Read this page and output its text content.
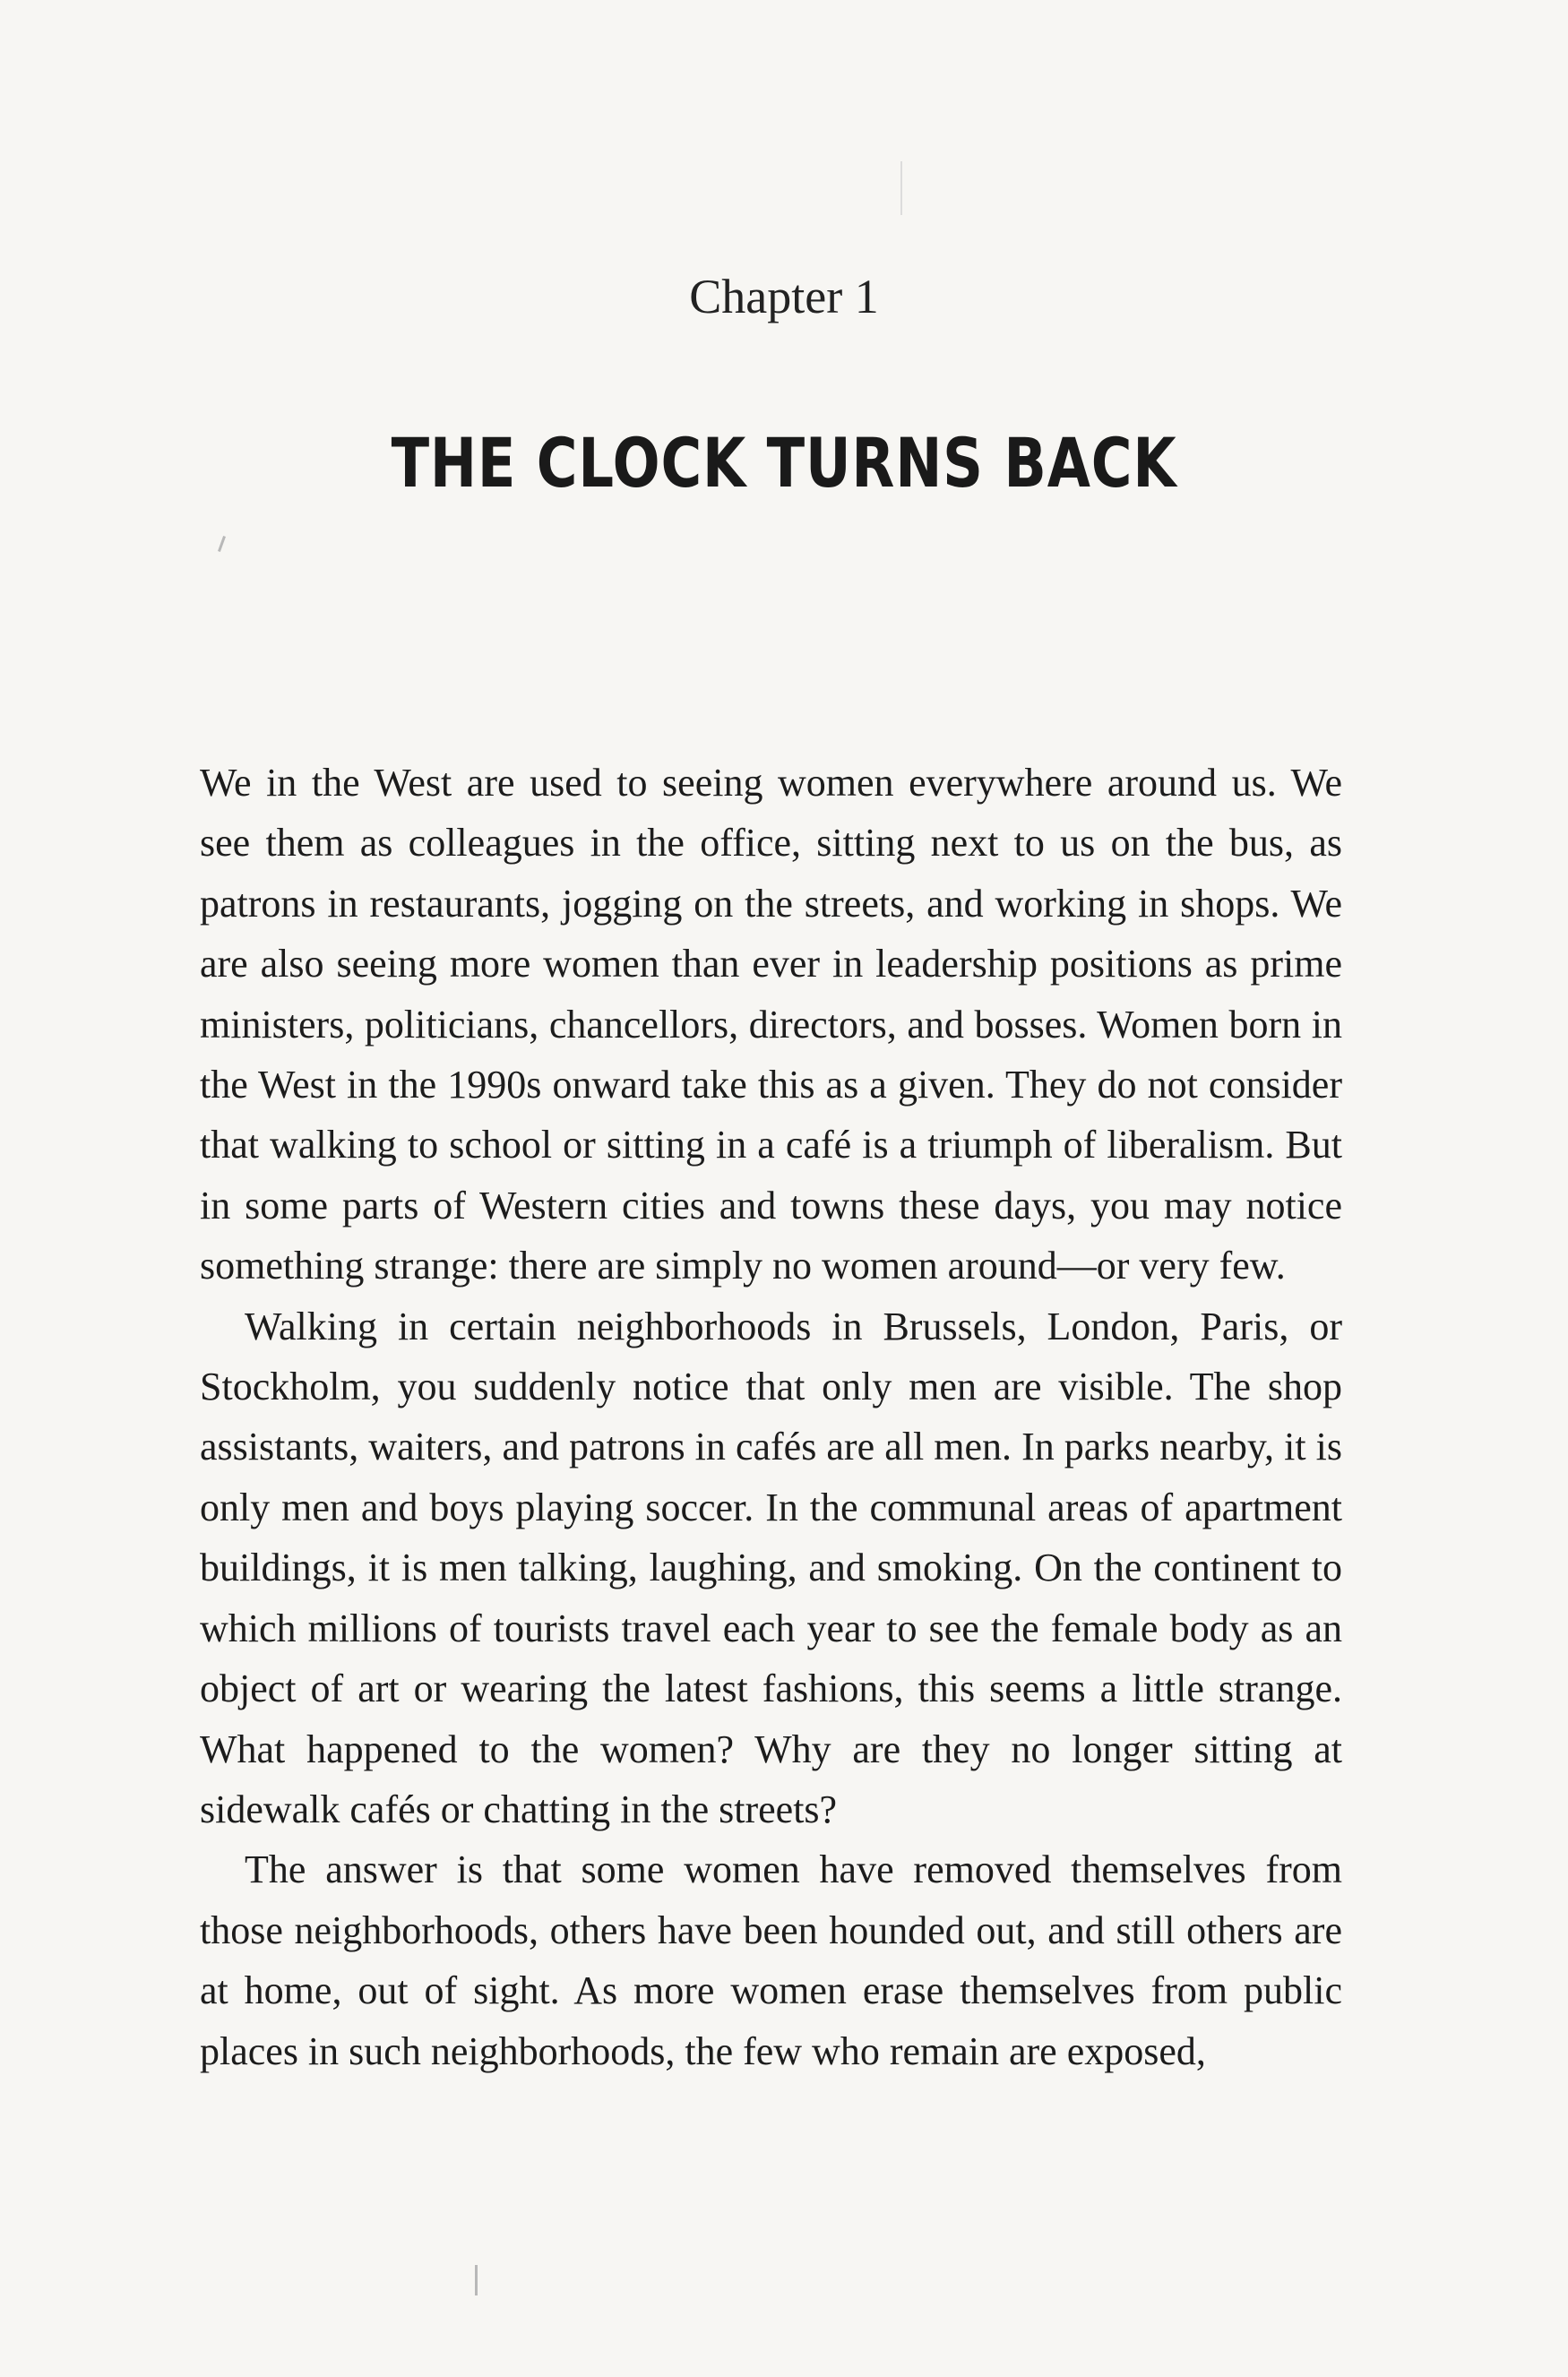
Chapter 1
THE CLOCK TURNS BACK

We in the West are used to seeing women everywhere around us. We see them as colleagues in the office, sitting next to us on the bus, as patrons in restaurants, jogging on the streets, and working in shops. We are also seeing more women than ever in leadership positions as prime ministers, politicians, chancellors, directors, and bosses. Women born in the West in the 1990s onward take this as a given. They do not consider that walking to school or sitting in a café is a triumph of liberalism. But in some parts of Western cities and towns these days, you may notice something strange: there are simply no women around—or very few.

Walking in certain neighborhoods in Brussels, London, Paris, or Stockholm, you suddenly notice that only men are visible. The shop assistants, waiters, and patrons in cafés are all men. In parks nearby, it is only men and boys playing soccer. In the communal areas of apartment buildings, it is men talking, laughing, and smoking. On the continent to which millions of tourists travel each year to see the female body as an object of art or wearing the latest fashions, this seems a little strange. What happened to the women? Why are they no longer sitting at sidewalk cafés or chatting in the streets?

The answer is that some women have removed themselves from those neighborhoods, others have been hounded out, and still others are at home, out of sight. As more women erase themselves from public places in such neighborhoods, the few who remain are exposed,
